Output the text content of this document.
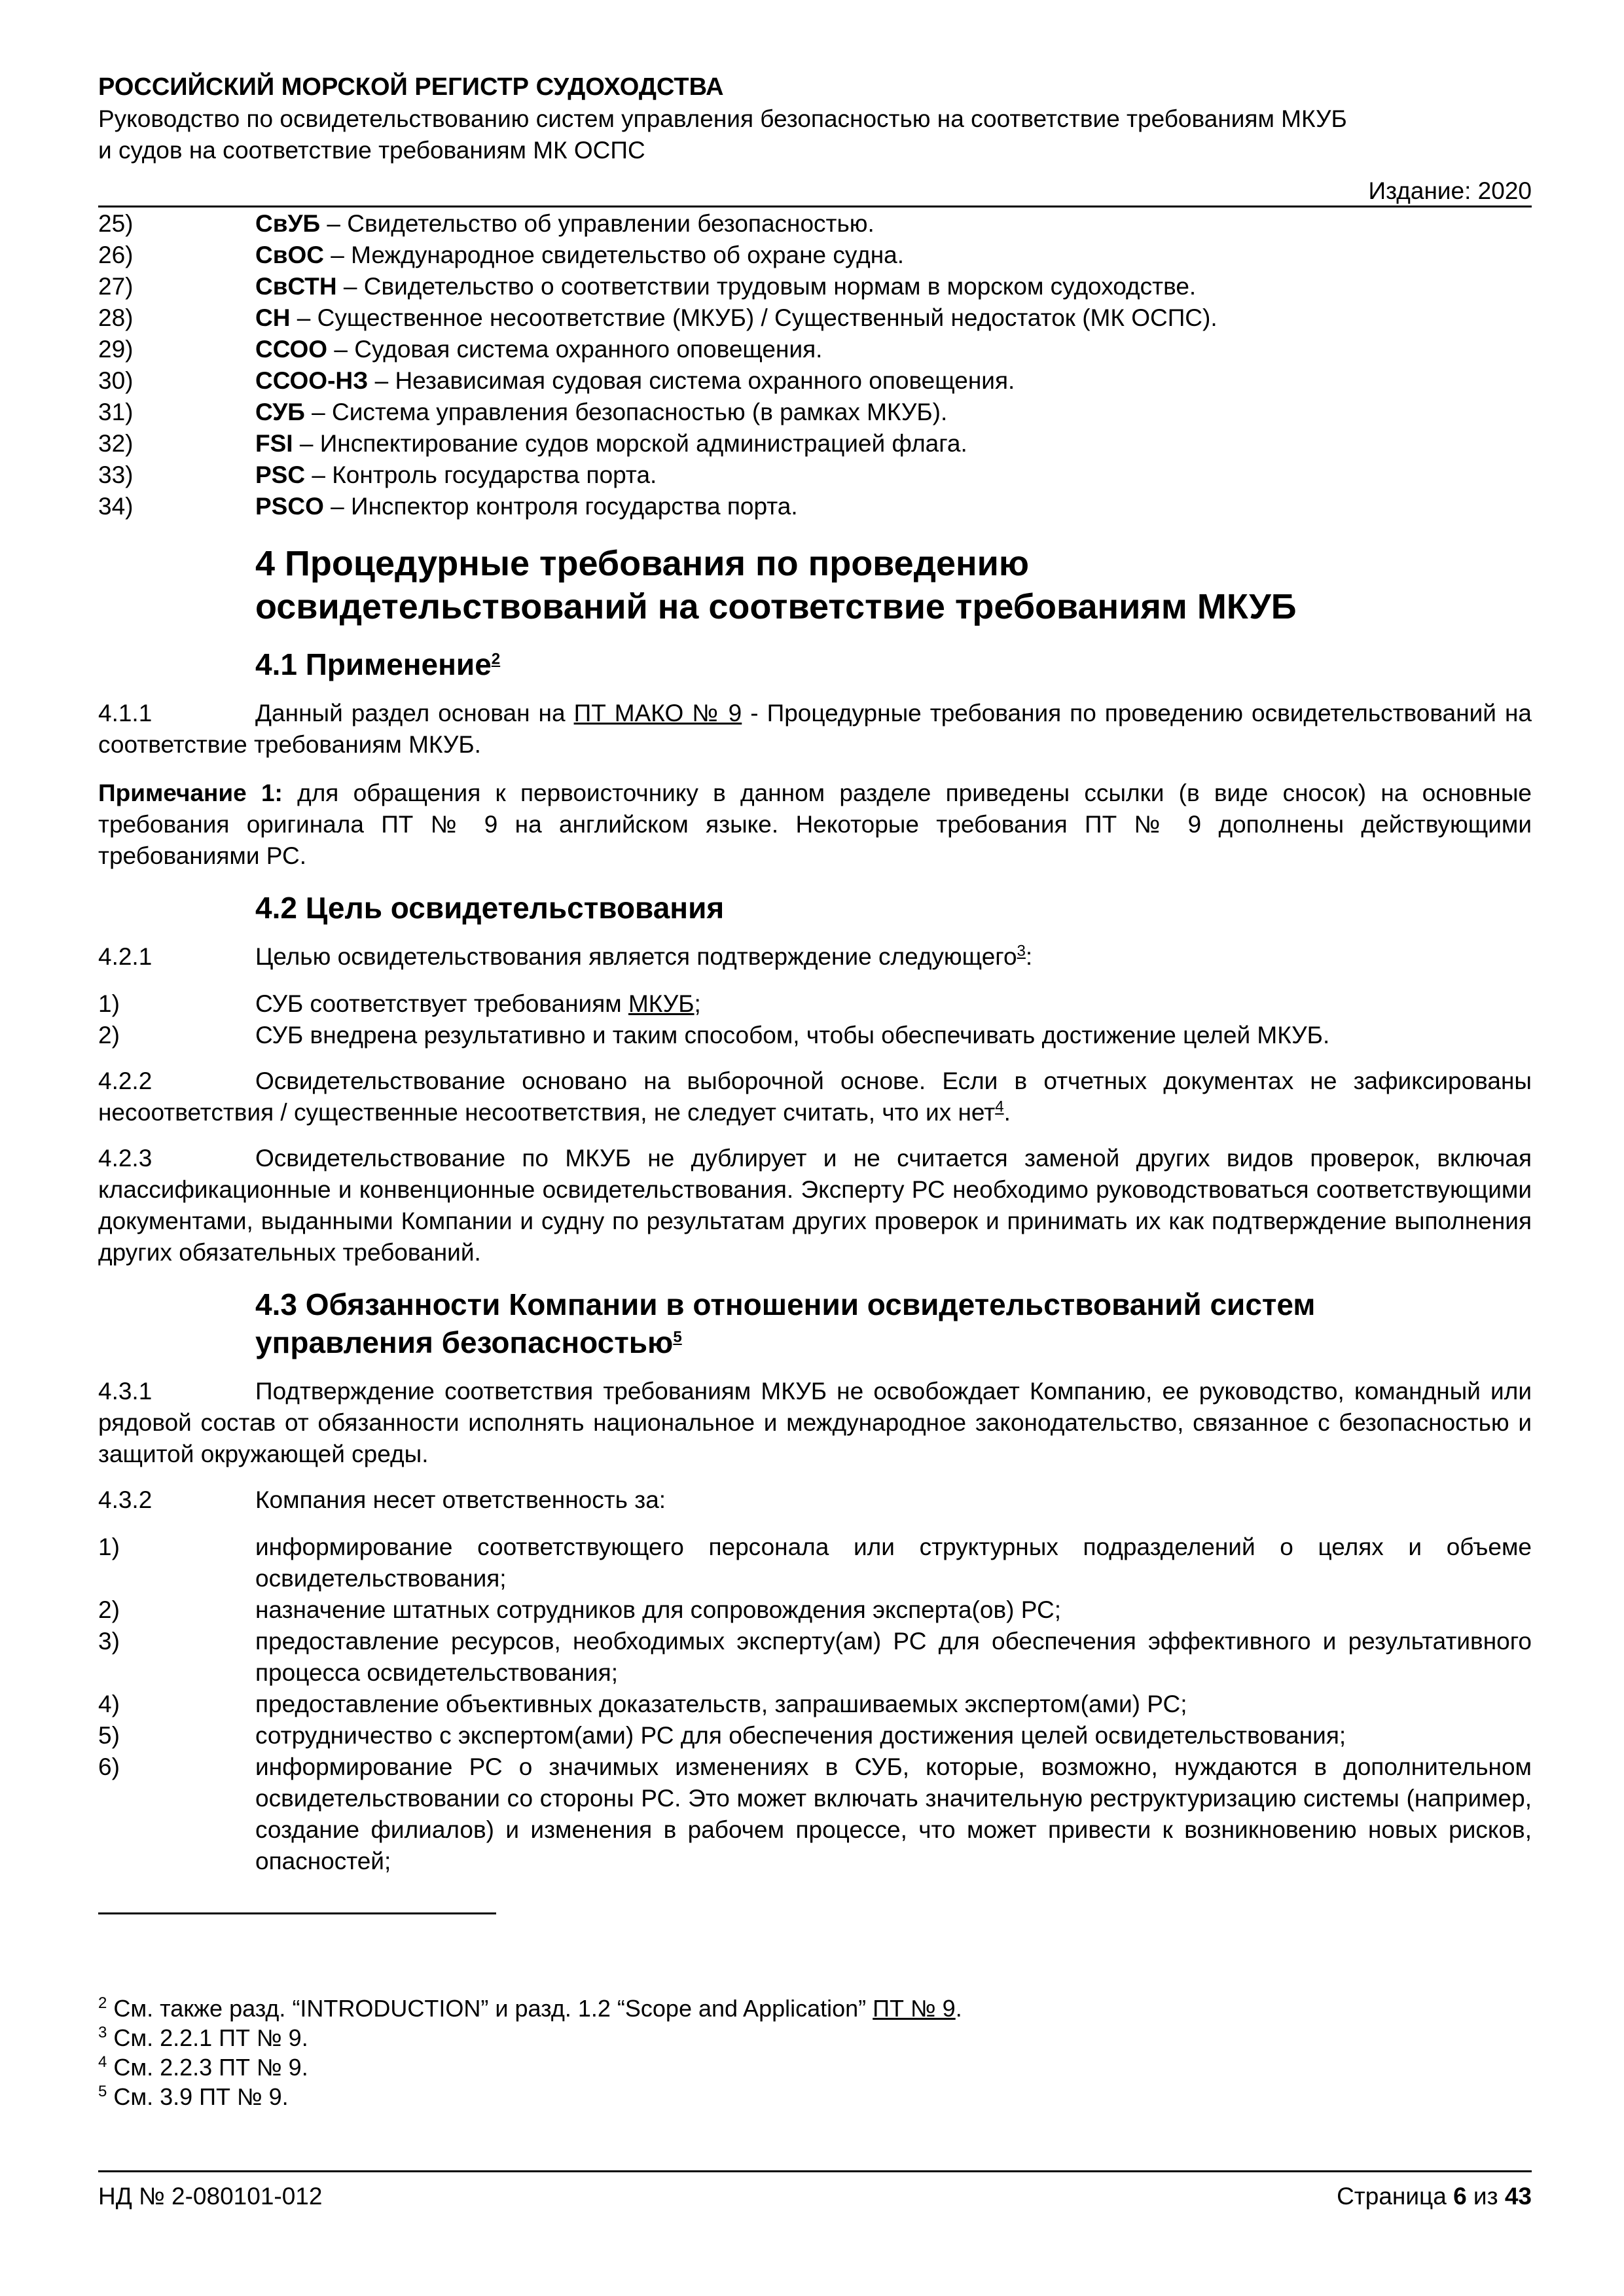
РОССИЙСКИЙ МОРСКОЙ РЕГИСТР СУДОХОДСТВА
Руководство по освидетельствованию систем управления безопасностью на соответствие требованиям МКУБ
и судов на соответствие требованиям МК ОСПС
Издание: 2020
25)	СвУБ – Свидетельство об управлении безопасностью.
26)	СвОС – Международное свидетельство об охране судна.
27)	СвСТН – Свидетельство о соответствии трудовым нормам в морском судоходстве.
28)	СН – Существенное несоответствие (МКУБ) / Существенный недостаток (МК ОСПС).
29)	ССОО – Судовая система охранного оповещения.
30)	ССОО-НЗ – Независимая судовая система охранного оповещения.
31)	СУБ – Система управления безопасностью (в рамках МКУБ).
32)	FSI – Инспектирование судов морской администрацией флага.
33)	PSC – Контроль государства порта.
34)	PSCO – Инспектор контроля государства порта.
4 Процедурные требования по проведению
освидетельствований на соответствие требованиям МКУБ
4.1 Применение$^2$
4.1.1	Данный раздел основан на ПТ МАКО № 9 - Процедурные требования по проведению освидетельствований на соответствие требованиям МКУБ.
Примечание 1: для обращения к первоисточнику в данном разделе приведены ссылки (в виде сносок) на основные требования оригинала ПТ № 9 на английском языке. Некоторые требования ПТ № 9 дополнены действующими требованиями РС.
4.2 Цель освидетельствования
4.2.1	Целью освидетельствования является подтверждение следующего$^3$:
1)	СУБ соответствует требованиям МКУБ;
2)	СУБ внедрена результативно и таким способом, чтобы обеспечивать достижение целей МКУБ.
4.2.2	Освидетельствование основано на выборочной основе. Если в отчетных документах не зафиксированы несоответствия / существенные несоответствия, не следует считать, что их нет$^4$.
4.2.3	Освидетельствование по МКУБ не дублирует и не считается заменой других видов проверок, включая классификационные и конвенционные освидетельствования. Эксперту РС необходимо руководствоваться соответствующими документами, выданными Компании и судну по результатам других проверок и принимать их как подтверждение выполнения других обязательных требований.
4.3 Обязанности Компании в отношении освидетельствований систем
управления безопасностью$^5$
4.3.1	Подтверждение соответствия требованиям МКУБ не освобождает Компанию, ее руководство, командный или рядовой состав от обязанности исполнять национальное и международное законодательство, связанное с безопасностью и защитой окружающей среды.
4.3.2	Компания несет ответственность за:
1)	информирование соответствующего персонала или структурных подразделений о целях и объеме освидетельствования;
2)	назначение штатных сотрудников для сопровождения эксперта(ов) РС;
3)	предоставление ресурсов, необходимых эксперту(ам) РС для обеспечения эффективного и результативного процесса освидетельствования;
4)	предоставление объективных доказательств, запрашиваемых экспертом(ами) РС;
5)	сотрудничество с экспертом(ами) РС для обеспечения достижения целей освидетельствования;
6)	информирование РС о значимых изменениях в СУБ, которые, возможно, нуждаются в дополнительном освидетельствовании со стороны РС. Это может включать значительную реструктуризацию системы (например, создание филиалов) и изменения в рабочем процессе, что может привести к возникновению новых рисков, опасностей;
$^2$ См. также разд. “INTRODUCTION” и разд. 1.2 “Scope and Application” ПТ № 9.
$^3$ См. 2.2.1 ПТ № 9.
$^4$ См. 2.2.3 ПТ № 9.
$^5$ См. 3.9 ПТ № 9.
НД № 2-080101-012	Страница 6 из 43
